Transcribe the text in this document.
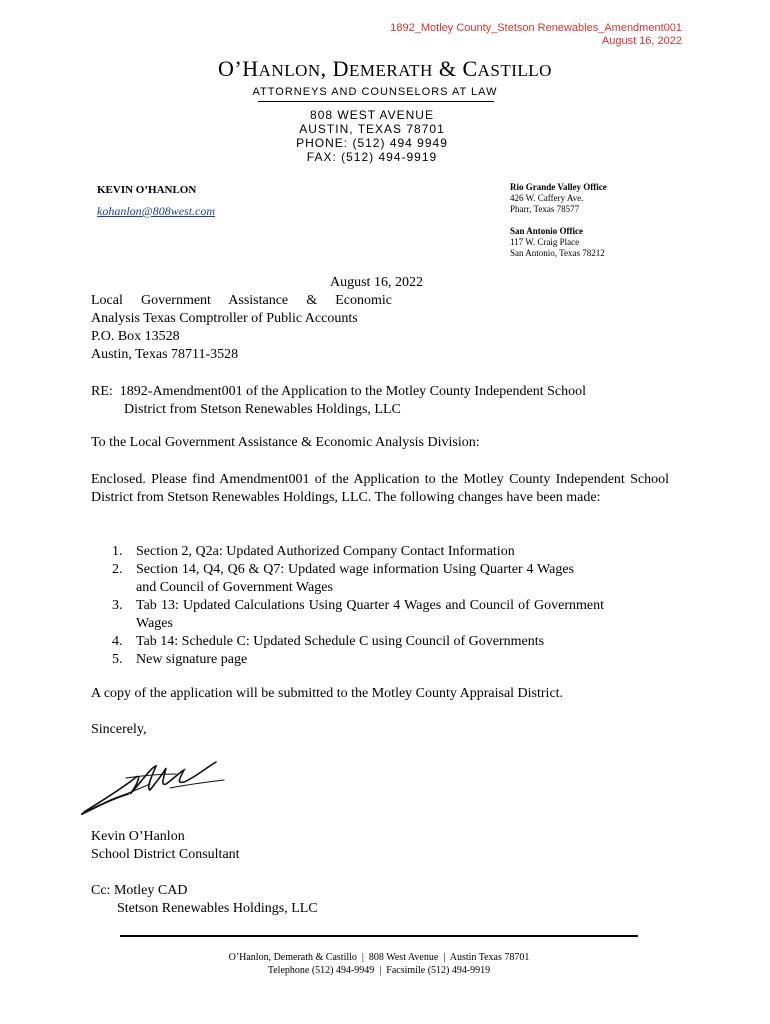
1892_Motley County_Stetson Renewables_Amendment001
August 16, 2022
O’HANLON, DEMERATH & CASTILLO
ATTORNEYS AND COUNSELORS AT LAW
808 WEST AVENUE
AUSTIN, TEXAS 78701
PHONE: (512) 494 9949
FAX: (512) 494-9919
KEVIN O’HANLON
kohanlon@808west.com
Rio Grande Valley Office
426 W. Caffery Ave.
Pharr, Texas 78577
San Antonio Office
117 W. Craig Place
San Antonio, Texas 78212
August 16, 2022
Local Government Assistance & Economic
Analysis Texas Comptroller of Public Accounts
P.O. Box 13528
Austin, Texas 78711-3528
RE:  1892-Amendment001 of the Application to the Motley County Independent School
District from Stetson Renewables Holdings, LLC
To the Local Government Assistance & Economic Analysis Division:
Enclosed. Please find Amendment001 of the Application to the Motley County Independent School District from Stetson Renewables Holdings, LLC. The following changes have been made:
1. Section 2, Q2a: Updated Authorized Company Contact Information
2. Section 14, Q4, Q6 & Q7: Updated wage information Using Quarter 4 Wages and Council of Government Wages
3. Tab 13: Updated Calculations Using Quarter 4 Wages and Council of Government Wages
4. Tab 14: Schedule C: Updated Schedule C using Council of Governments
5. New signature page
A copy of the application will be submitted to the Motley County Appraisal District.
Sincerely,
Kevin O’Hanlon
School District Consultant
Cc: Motley CAD
Stetson Renewables Holdings, LLC
O’Hanlon, Demerath & Castillo  |  808 West Avenue  |  Austin Texas 78701
Telephone (512) 494-9949  |  Facsimile (512) 494-9919
